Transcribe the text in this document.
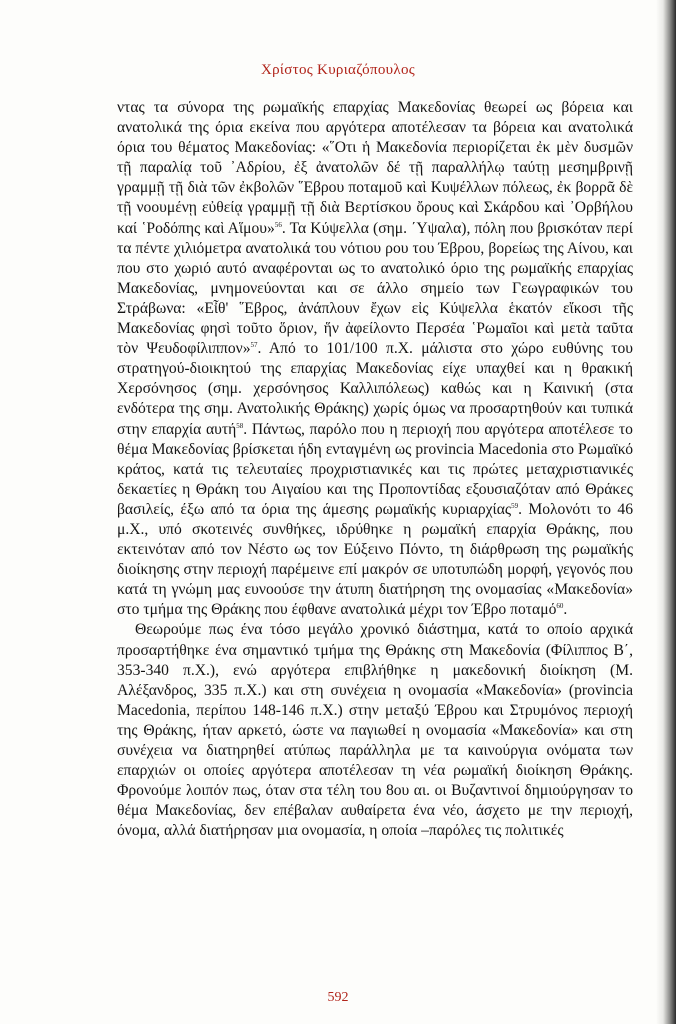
Χρίστος Κυριαζόπουλος

ντας τα σύνορα της ρωμαϊκής επαρχίας Μακεδονίας θεωρεί ως βόρεια και ανατολικά της όρια εκείνα που αργότερα αποτέλεσαν τα βόρεια και ανατολικά όρια του θέματος Μακεδονίας: «῞Οτι ἡ Μακεδονία περιορίζεται ἐκ μὲν δυσμῶν τῇ παραλίᾳ τοῦ ᾿Αδρίου, ἐξ ἀνατολῶν δέ τῇ παραλλήλῳ ταύτῃ μεσημβρινῇ γραμμῇ τῇ διὰ τῶν ἐκβολῶν ῞Εβρου ποταμοῦ καὶ Κυψέλλων πόλεως, ἐκ βορρᾶ δὲ τῇ νοουμένῃ εὐθείᾳ γραμμῇ τῇ διὰ Βερτίσκου ὄρους καὶ Σκάρδου καὶ ᾿Ορβήλου καί ῾Ροδόπης καὶ Αἵμου»$^{56}$. Τα Κύψελλα (σημ. ΄Υψαλα), πόλη που βρισκόταν περί τα πέντε χιλιόμετρα ανατολικά του νότιου ρου του Έβρου, βορείως της Αίνου, και που στο χωριό αυτό αναφέρονται ως το ανατολικό όριο της ρωμαϊκής επαρχίας Μακεδονίας, μνημονεύονται και σε άλλο σημείο των Γεωγραφικών του Στράβωνα: «Εἶθ' ῞Εβρος, ἀνάπλουν ἔχων εἰς Κύψελλα ἑκατόν εἴκοσι τῆς Μακεδονίας φησὶ τοῦτο ὅριον, ἥν ἀφείλοντο Περσέα ῾Ρωμαῖοι καὶ μετὰ ταῦτα τὸν Ψευδοφίλιππον»$^{57}$. Από το 101/100 π.Χ. μάλιστα στο χώρο ευθύνης του στρατηγού-διοικητού της επαρχίας Μακεδονίας είχε υπαχθεί και η θρακική Χερσόνησος (σημ. χερσόνησος Καλλιπόλεως) καθώς και η Καινική (στα ενδότερα της σημ. Ανατολικής Θράκης) χωρίς όμως να προσαρτηθούν και τυπικά στην επαρχία αυτή$^{58}$. Πάντως, παρόλο που η περιοχή που αργότερα αποτέλεσε το θέμα Μακεδονίας βρίσκεται ήδη ενταγμένη ως provincia Macedonia στο Ρωμαϊκό κράτος, κατά τις τελευταίες προχριστιανικές και τις πρώτες μεταχριστιανικές δεκαετίες η Θράκη του Αιγαίου και της Προποντίδας εξουσιαζόταν από Θράκες βασιλείς, έξω από τα όρια της άμεσης ρωμαϊκής κυριαρχίας$^{59}$. Μολονότι το 46 μ.Χ., υπό σκοτεινές συνθήκες, ιδρύθηκε η ρωμαϊκή επαρχία Θράκης, που εκτεινόταν από τον Νέστο ως τον Εύξεινο Πόντο, τη διάρθρωση της ρωμαϊκής διοίκησης στην περιοχή παρέμεινε επί μακρόν σε υποτυπώδη μορφή, γεγονός που κατά τη γνώμη μας ευνοούσε την άτυπη διατήρηση της ονομασίας «Μακεδονία» στο τμήμα της Θράκης που έφθανε ανατολικά μέχρι τον Έβρο ποταμό$^{60}$.

Θεωρούμε πως ένα τόσο μεγάλο χρονικό διάστημα, κατά το οποίο αρχικά προσαρτήθηκε ένα σημαντικό τμήμα της Θράκης στη Μακεδονία (Φίλιππος Β΄, 353-340 π.Χ.), ενώ αργότερα επιβλήθηκε η μακεδονική διοίκηση (Μ. Αλέξανδρος, 335 π.Χ.) και στη συνέχεια η ονομασία «Μακεδονία» (provincia Macedonia, περίπου 148-146 π.Χ.) στην μεταξύ Έβρου και Στρυμόνος περιοχή της Θράκης, ήταν αρκετό, ώστε να παγιωθεί η ονομασία «Μακεδονία» και στη συνέχεια να διατηρηθεί ατύπως παράλληλα με τα καινούργια ονόματα των επαρχιών οι οποίες αργότερα αποτέλεσαν τη νέα ρωμαϊκή διοίκηση Θράκης. Φρονούμε λοιπόν πως, όταν στα τέλη του 8ου αι. οι Βυζαντινοί δημιούργησαν το θέμα Μακεδονίας, δεν επέβαλαν αυθαίρετα ένα νέο, άσχετο με την περιοχή, όνομα, αλλά διατήρησαν μια ονομασία, η οποία –παρόλες τις πολιτικές

592
